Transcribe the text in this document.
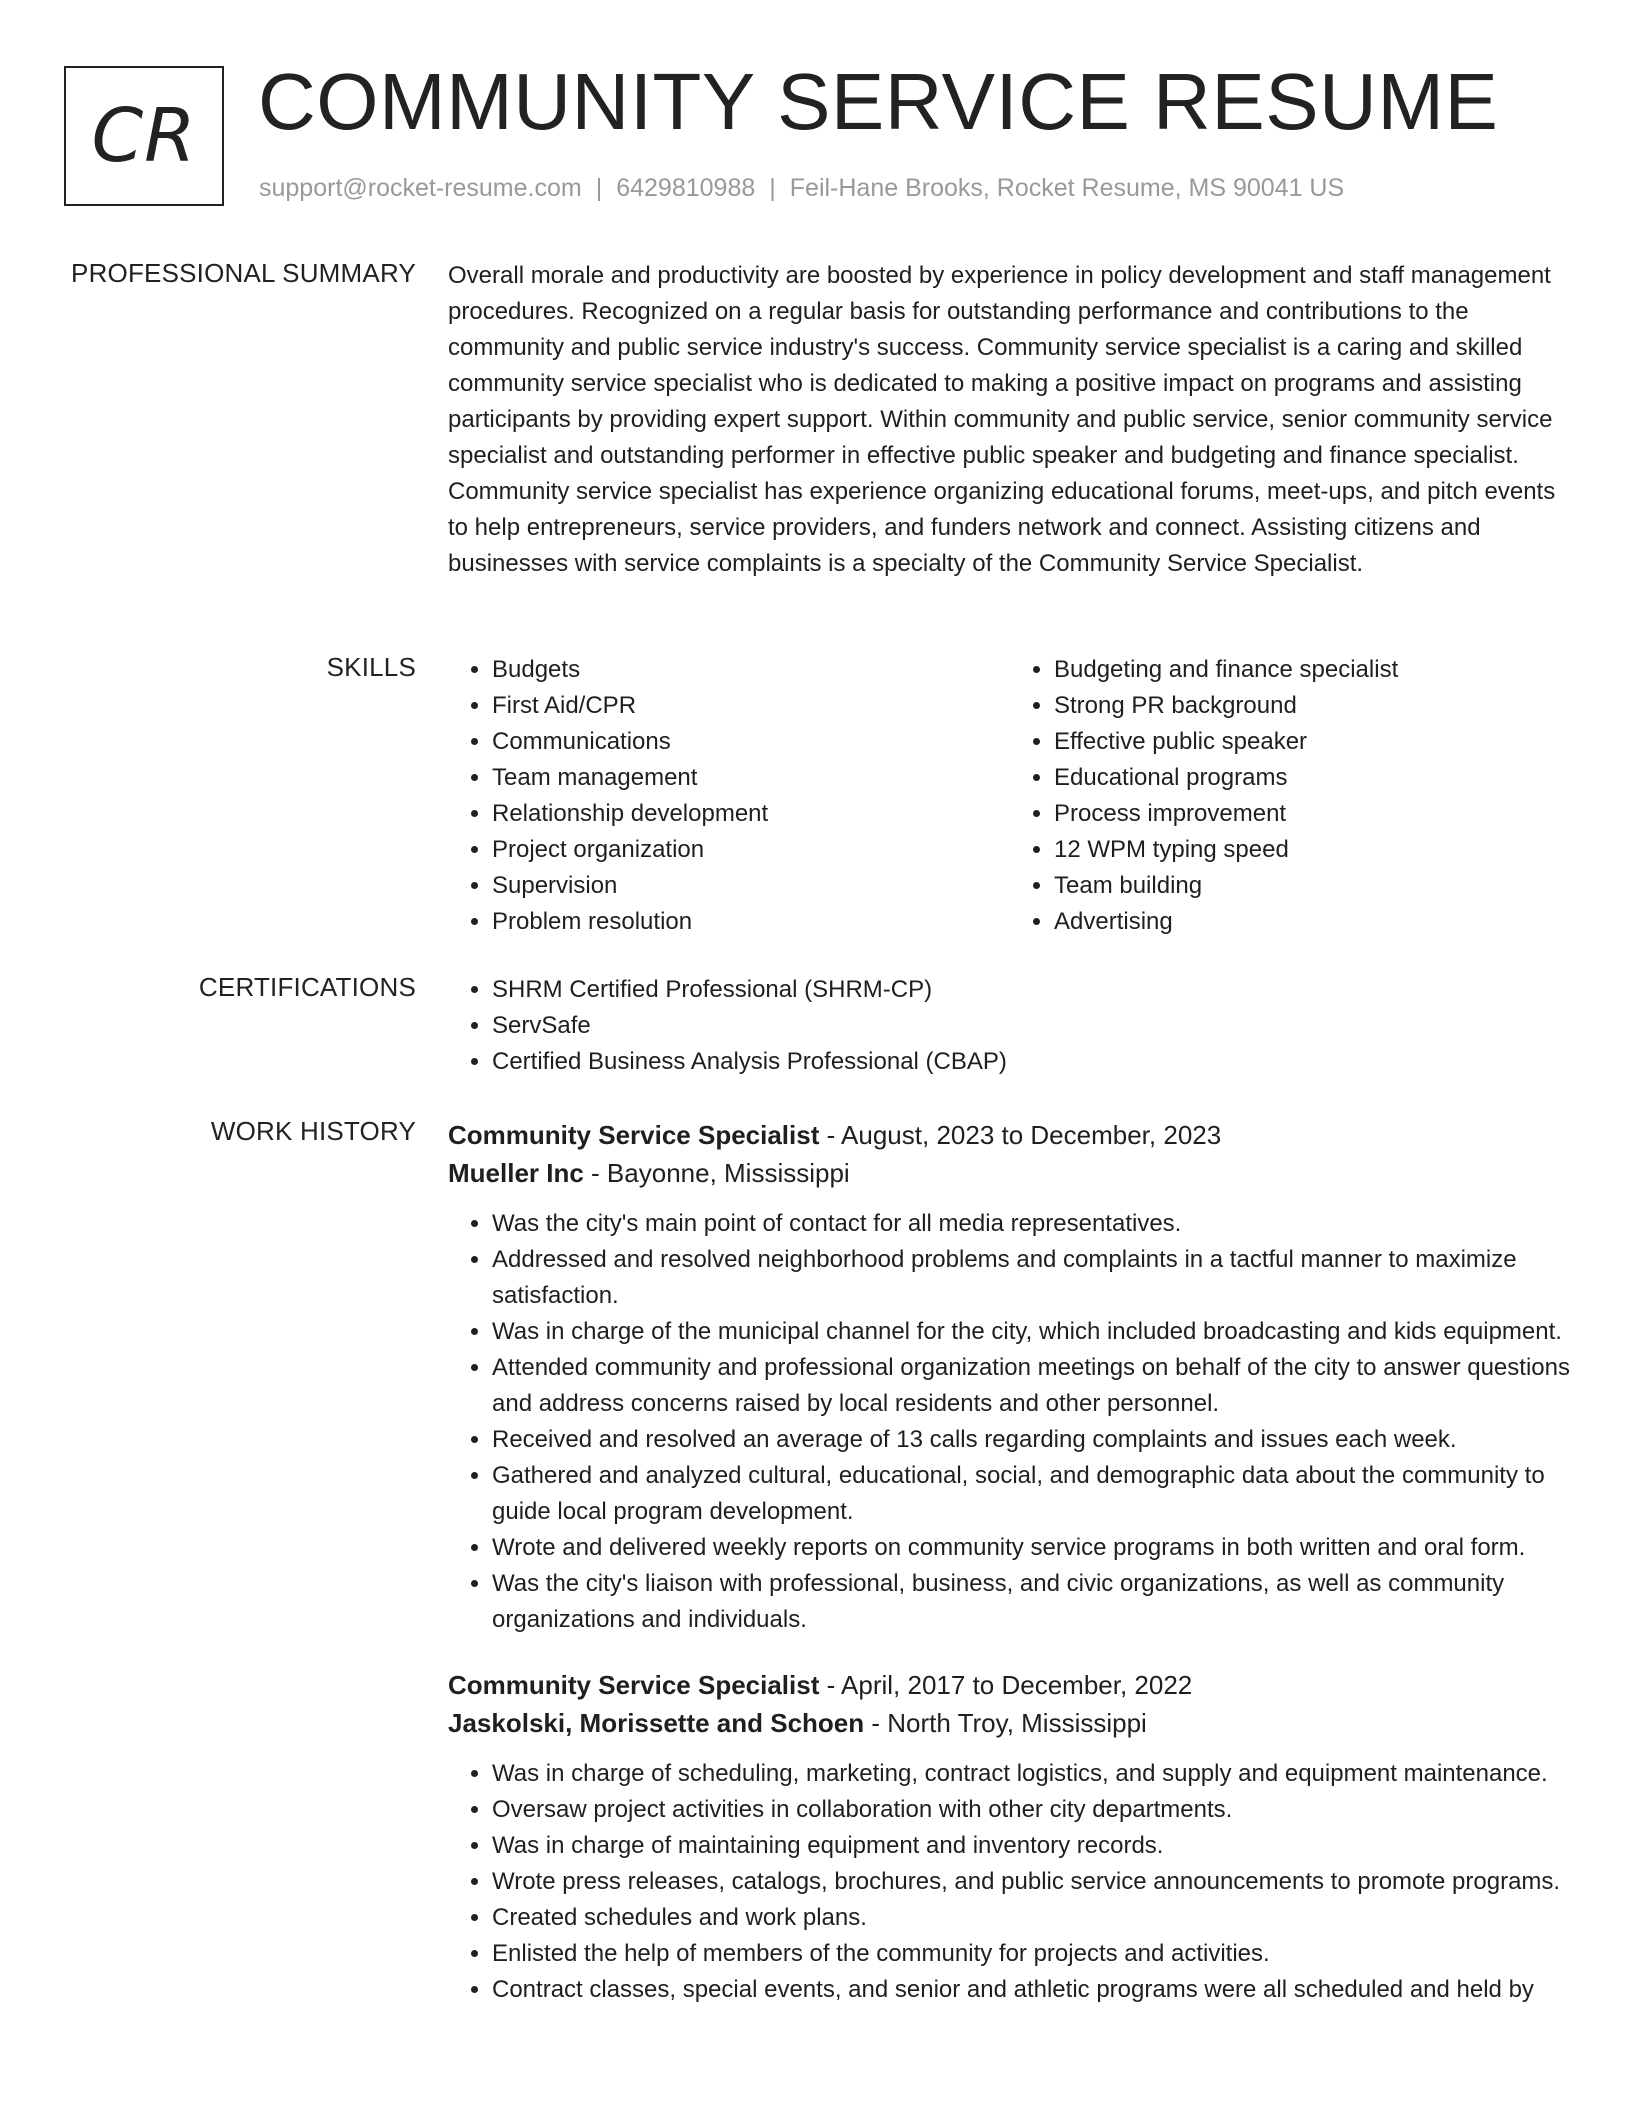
CR COMMUNITY SERVICE RESUME
support@rocket-resume.com | 6429810988 | Feil-Hane Brooks, Rocket Resume, MS 90041 US
PROFESSIONAL SUMMARY Overall morale and productivity are boosted by experience in policy development and staff management procedures. Recognized on a regular basis for outstanding performance and contributions to the community and public service industry's success. Community service specialist is a caring and skilled community service specialist who is dedicated to making a positive impact on programs and assisting participants by providing expert support. Within community and public service, senior community service specialist and outstanding performer in effective public speaker and budgeting and finance specialist. Community service specialist has experience organizing educational forums, meet-ups, and pitch events to help entrepreneurs, service providers, and funders network and connect. Assisting citizens and businesses with service complaints is a specialty of the Community Service Specialist.

SKILLS	• Budgets
• First Aid/CPR
• Communications
• Team management
• Relationship development
• Project organization
• Supervision
• Problem resolution
• Budgeting and finance specialist
• Strong PR background
• Effective public speaker
• Educational programs
• Process improvement
• 12 WPM typing speed
• Team building
• Advertising
CERTIFICATIONS	• SHRM Certified Professional (SHRM-CP)
• ServSafe
• Certified Business Analysis Professional (CBAP)
WORK HISTORY Community Service Specialist - August, 2023 to December, 2023
Mueller Inc - Bayonne, Mississippi
• Was the city's main point of contact for all media representatives.
• Addressed and resolved neighborhood problems and complaints in a tactful manner to maximize satisfaction.
• Was in charge of the municipal channel for the city, which included broadcasting and kids equipment.
• Attended community and professional organization meetings on behalf of the city to answer questions and address concerns raised by local residents and other personnel.
• Received and resolved an average of 13 calls regarding complaints and issues each week.
• Gathered and analyzed cultural, educational, social, and demographic data about the community to guide local program development.
• Wrote and delivered weekly reports on community service programs in both written and oral form.
• Was the city's liaison with professional, business, and civic organizations, as well as community organizations and individuals.
Community Service Specialist - April, 2017 to December, 2022
Jaskolski, Morissette and Schoen - North Troy, Mississippi
• Was in charge of scheduling, marketing, contract logistics, and supply and equipment maintenance.
• Oversaw project activities in collaboration with other city departments.
• Was in charge of maintaining equipment and inventory records.
• Wrote press releases, catalogs, brochures, and public service announcements to promote programs.
• Created schedules and work plans.
• Enlisted the help of members of the community for projects and activities.
• Contract classes, special events, and senior and athletic programs were all scheduled and held by
